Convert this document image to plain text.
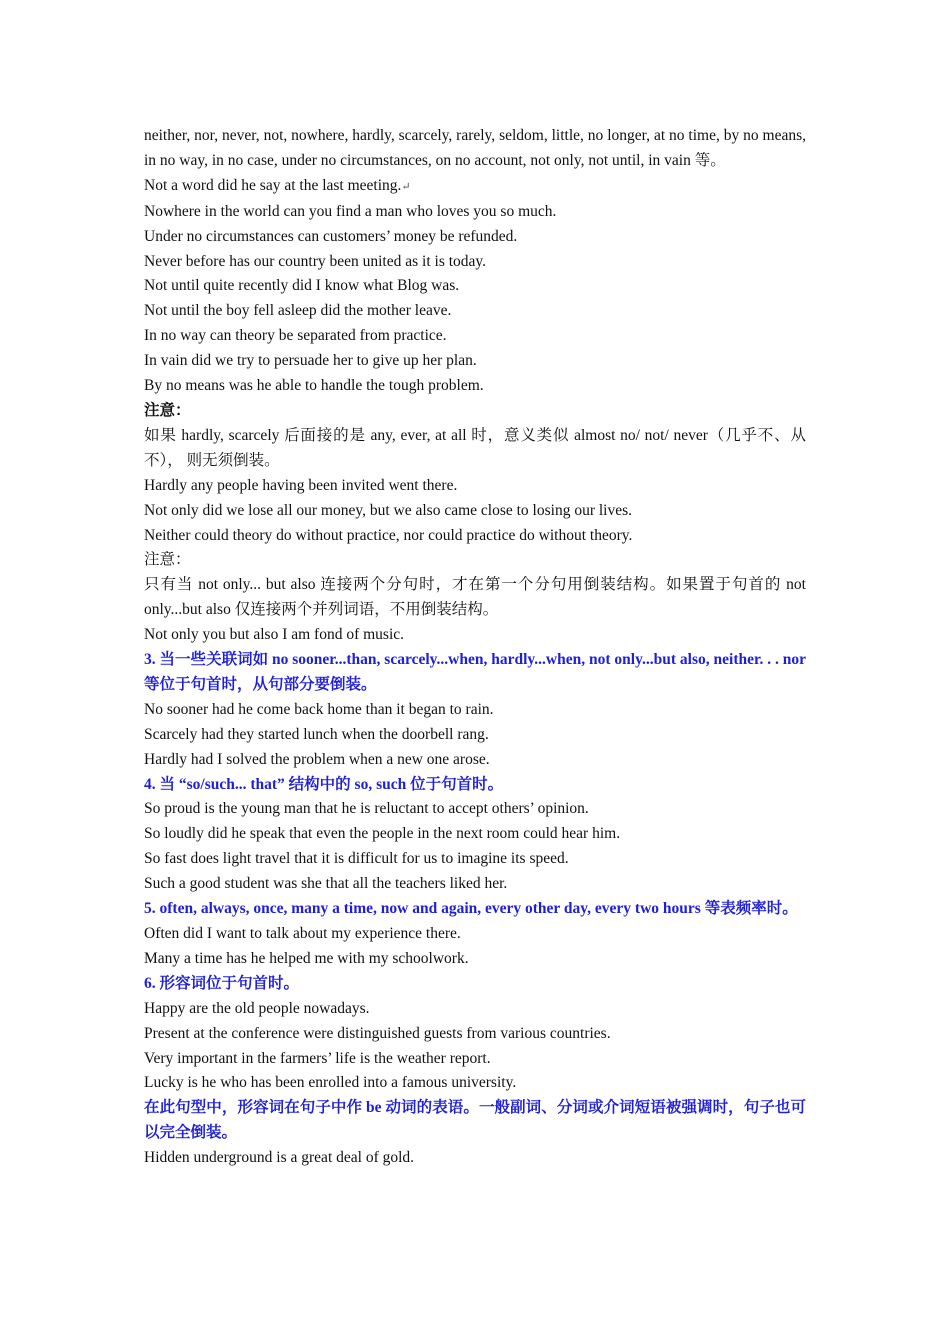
neither, nor, never, not, nowhere, hardly, scarcely, rarely, seldom, little, no longer, at no time, by no means, in no way, in no case, under no circumstances, on no account, not only, not until, in vain 等。

Not a word did he say at the last meeting.↵

Nowhere in the world can you find a man who loves you so much.

Under no circumstances can customers’ money be refunded.

Never before has our country been united as it is today.

Not until quite recently did I know what Blog was.

Not until the boy fell asleep did the mother leave.

In no way can theory be separated from practice.

In vain did we try to persuade her to give up her plan.

By no means was he able to handle the tough problem.

注意：

如果 hardly, scarcely 后面接的是 any, ever, at all 时，意义类似 almost no/ not/ never（几乎不、从不）， 则无须倒装。

Hardly any people having been invited went there.

Not only did we lose all our money, but we also came close to losing our lives.

Neither could theory do without practice, nor could practice do without theory.

注意：

只有当 not only... but also 连接两个分句时，才在第一个分句用倒装结构。如果置于句首的 not only...but also 仅连接两个并列词语，不用倒装结构。

Not only you but also I am fond of music.

3. 当一些关联词如 no sooner...than, scarcely...when, hardly...when, not only...but also, neither. . . nor 等位于句首时，从句部分要倒装。

No sooner had he come back home than it began to rain.

Scarcely had they started lunch when the doorbell rang.

Hardly had I solved the problem when a new one arose.

4. 当 “so/such... that” 结构中的 so, such 位于句首时。

So proud is the young man that he is reluctant to accept others’ opinion.

So loudly did he speak that even the people in the next room could hear him.

So fast does light travel that it is difficult for us to imagine its speed.

Such a good student was she that all the teachers liked her.

5. often, always, once, many a time, now and again, every other day, every two hours 等表频率时。

Often did I want to talk about my experience there.

Many a time has he helped me with my schoolwork.

6. 形容词位于句首时。

Happy are the old people nowadays.

Present at the conference were distinguished guests from various countries.

Very important in the farmers’ life is the weather report.

Lucky is he who has been enrolled into a famous university.

在此句型中，形容词在句子中作 be 动词的表语。一般副词、分词或介词短语被强调时，句子也可以完全倒装。

Hidden underground is a great deal of gold.
